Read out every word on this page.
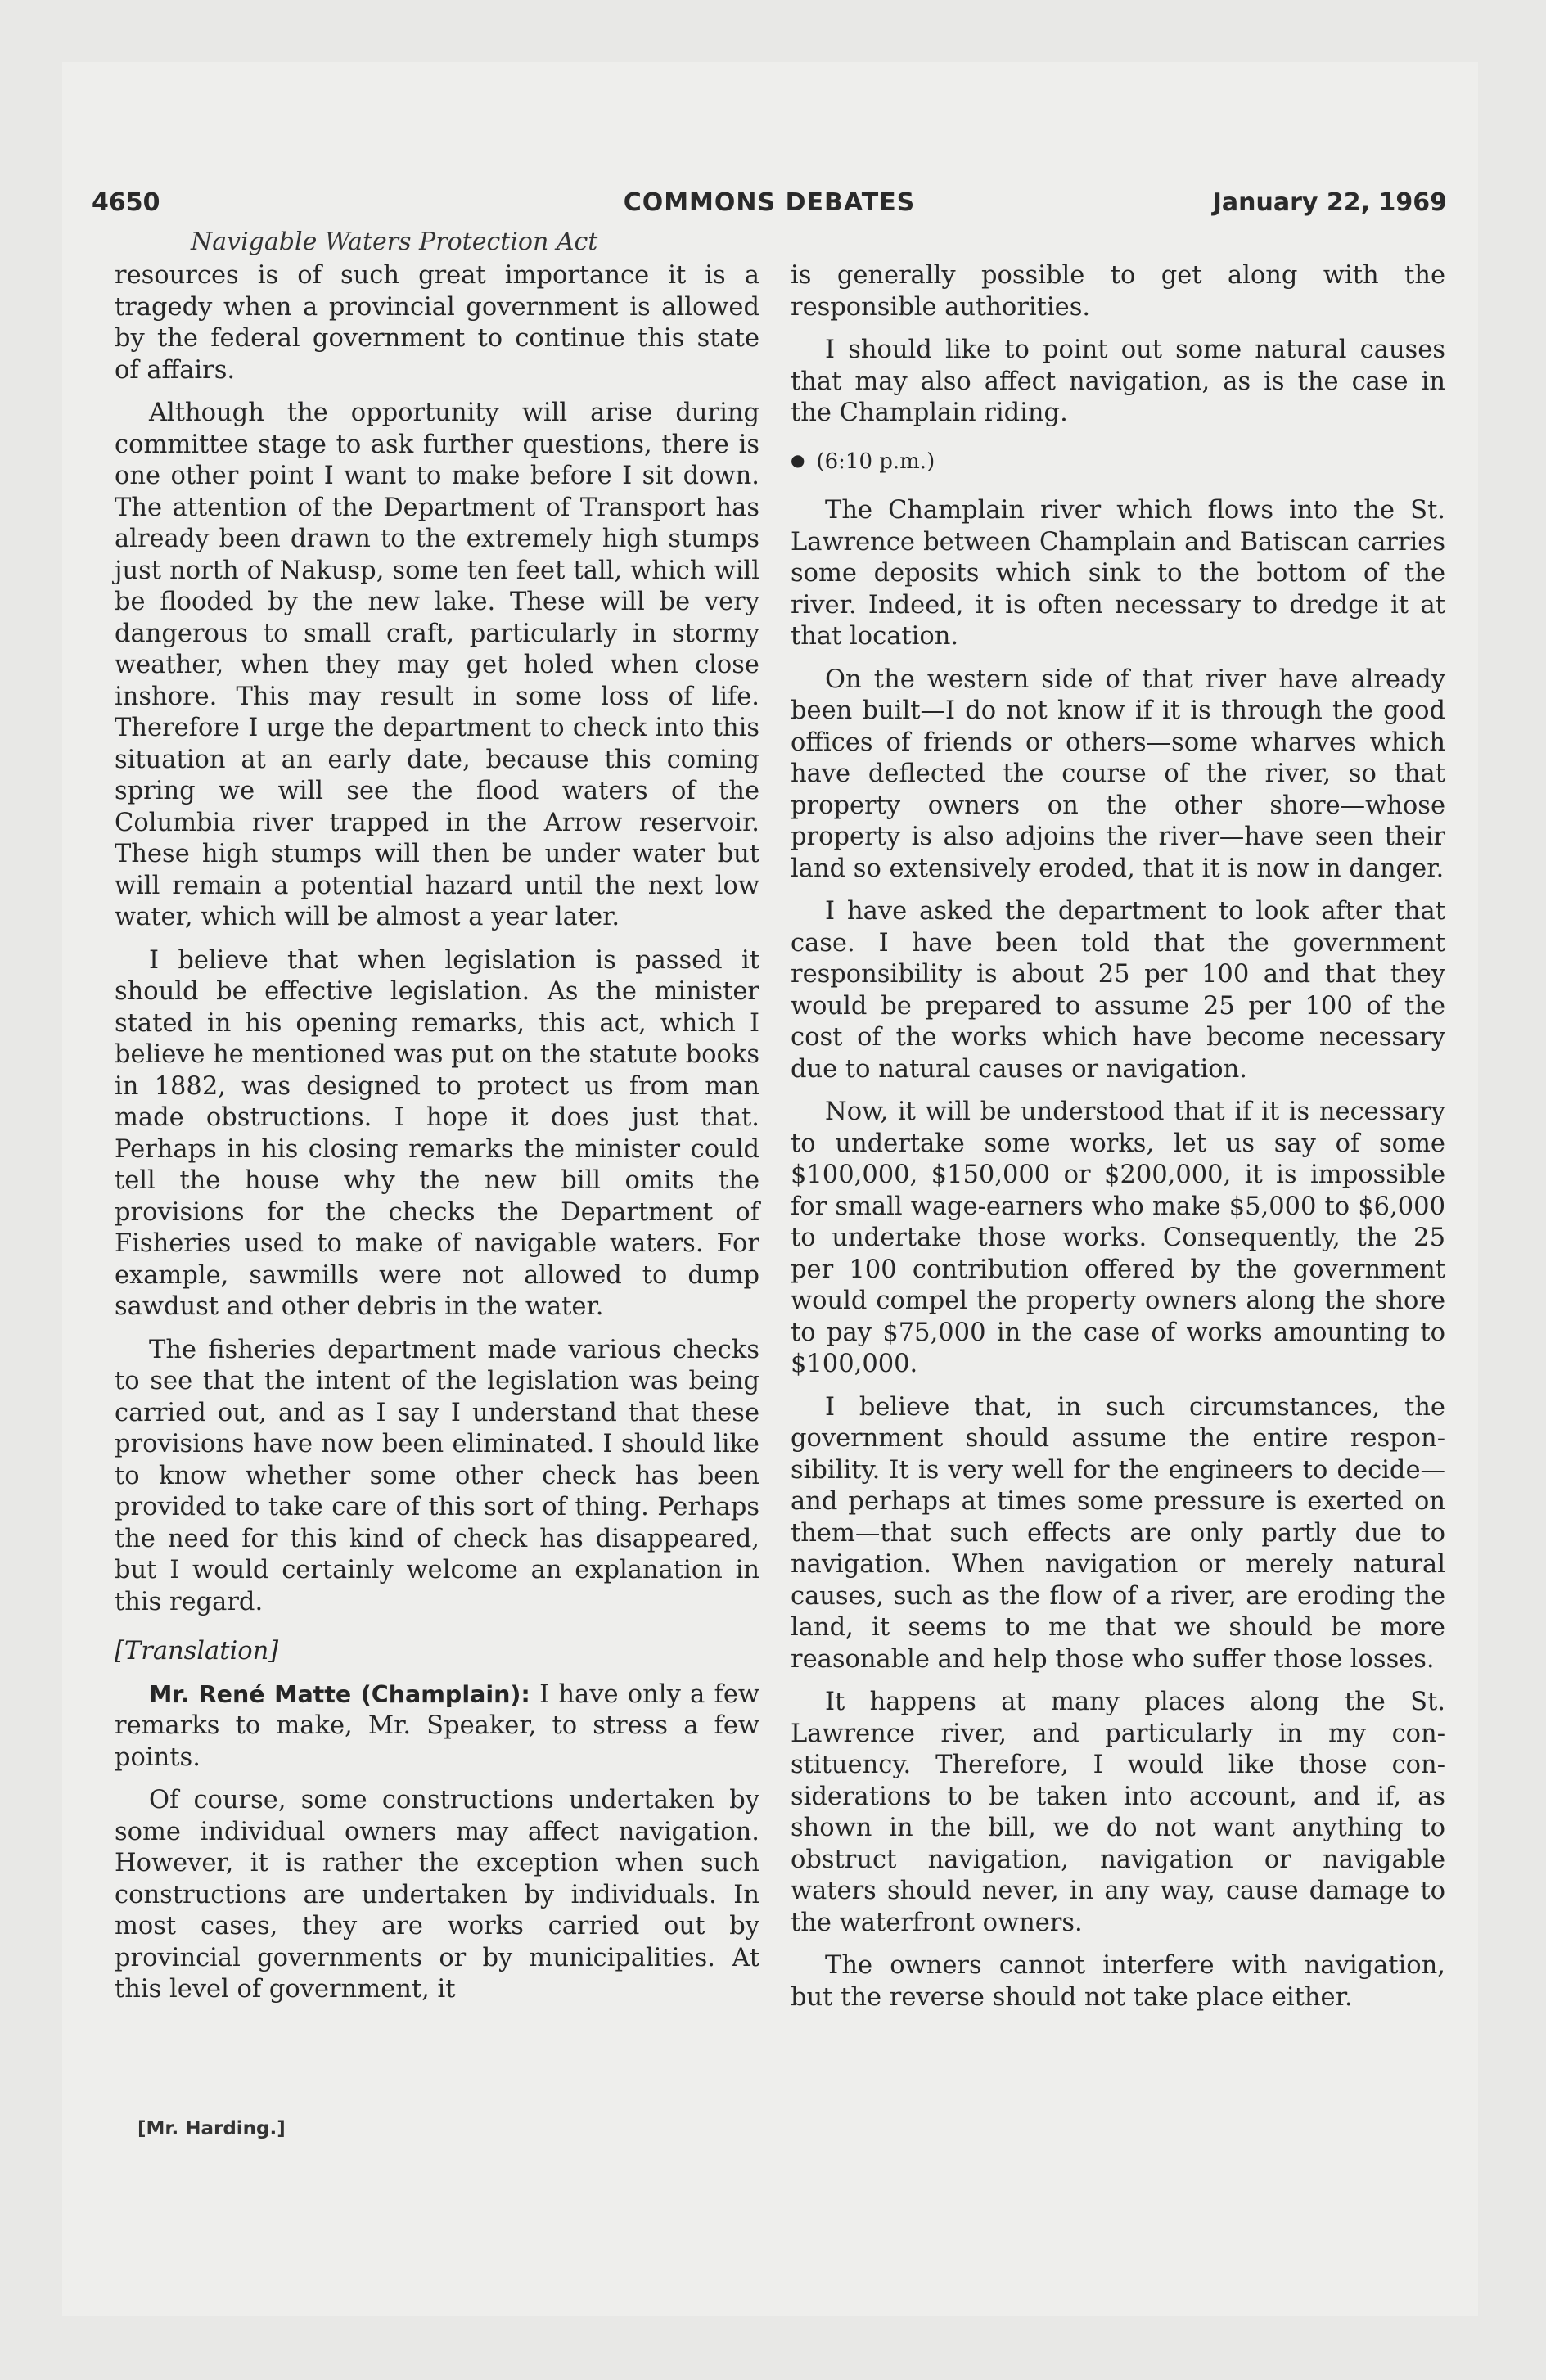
4650	COMMONS DEBATES	January 22, 1969
Navigable Waters Protection Act

resources is of such great importance it is a tragedy when a provincial government is allowed by the federal government to continue this state of affairs.

Although the opportunity will arise during committee stage to ask further questions, there is one other point I want to make before I sit down. The attention of the Department of Transport has already been drawn to the extremely high stumps just north of Nakusp, some ten feet tall, which will be flooded by the new lake. These will be very dangerous to small craft, particularly in stormy weather, when they may get holed when close inshore. This may result in some loss of life. Therefore I urge the department to check into this situation at an early date, because this coming spring we will see the flood waters of the Columbia river trapped in the Arrow reservoir. These high stumps will then be under water but will remain a potential hazard until the next low water, which will be almost a year later.

I believe that when legislation is passed it should be effective legislation. As the minister stated in his opening remarks, this act, which I believe he mentioned was put on the statute books in 1882, was designed to protect us from man made obstructions. I hope it does just that. Perhaps in his closing remarks the minister could tell the house why the new bill omits the provisions for the checks the Department of Fisheries used to make of navigable waters. For example, sawmills were not allowed to dump sawdust and other debris in the water.

The fisheries department made various checks to see that the intent of the legislation was being carried out, and as I say I understand that these provisions have now been eliminated. I should like to know whether some other check has been provided to take care of this sort of thing. Perhaps the need for this kind of check has disappeared, but I would certainly welcome an explanation in this regard.

[Translation]

Mr. René Matte (Champlain): I have only a few remarks to make, Mr. Speaker, to stress a few points.

Of course, some constructions undertaken by some individual owners may affect navigation. However, it is rather the exception when such constructions are undertaken by individuals. In most cases, they are works carried out by provincial governments or by municipalities. At this level of government, it

is generally possible to get along with the responsible authorities.

I should like to point out some natural causes that may also affect navigation, as is the case in the Champlain riding.

● (6:10 p.m.)

The Champlain river which flows into the St. Lawrence between Champlain and Batiscan carries some deposits which sink to the bottom of the river. Indeed, it is often necessary to dredge it at that location.

On the western side of that river have already been built—I do not know if it is through the good offices of friends or others—some wharves which have deflected the course of the river, so that property owners on the other shore—whose property is also adjoins the river—have seen their land so extensively eroded, that it is now in danger.

I have asked the department to look after that case. I have been told that the government responsibility is about 25 per 100 and that they would be prepared to assume 25 per 100 of the cost of the works which have become necessary due to natural causes or navigation.

Now, it will be understood that if it is necessary to undertake some works, let us say of some $100,000, $150,000 or $200,000, it is impossible for small wage-earners who make $5,000 to $6,000 to undertake those works. Consequently, the 25 per 100 contribution offered by the government would compel the property owners along the shore to pay $75,000 in the case of works amounting to $100,000.

I believe that, in such circumstances, the government should assume the entire responsibility. It is very well for the engineers to decide—and perhaps at times some pressure is exerted on them—that such effects are only partly due to navigation. When navigation or merely natural causes, such as the flow of a river, are eroding the land, it seems to me that we should be more reasonable and help those who suffer those losses.

It happens at many places along the St. Lawrence river, and particularly in my constituency. Therefore, I would like those considerations to be taken into account, and if, as shown in the bill, we do not want anything to obstruct navigation, navigation or navigable waters should never, in any way, cause damage to the waterfront owners.

The owners cannot interfere with navigation, but the reverse should not take place either.

[Mr. Harding.]
